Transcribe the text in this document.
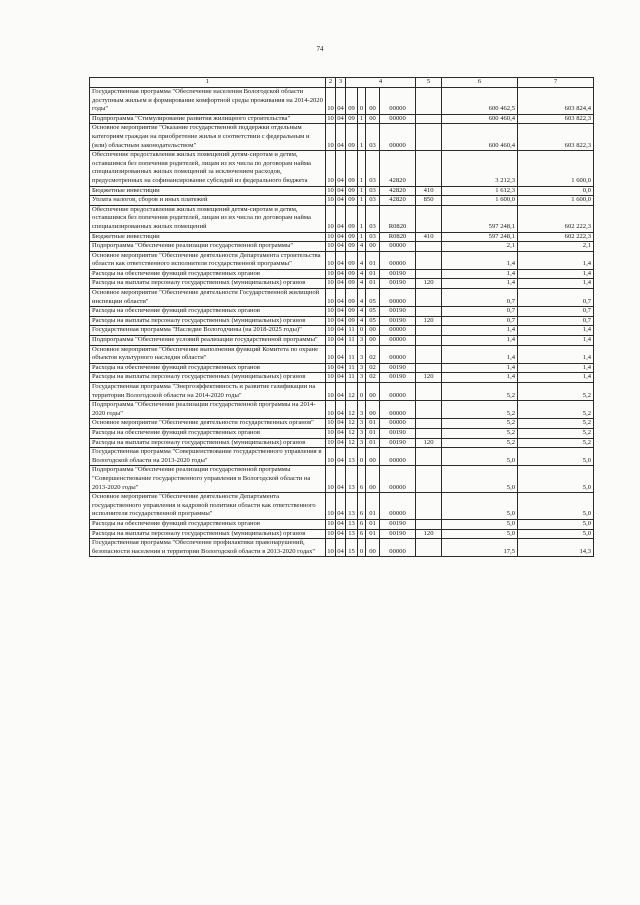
74
1	2	3	4				5	6	7
Государственная программа "Обеспечение населения Вологодской области доступным жильем и формирование комфортной среды проживания на 2014-2020 годы"	10	04	09	0	00	00000		600 462,5	603 824,4
Подпрограмма "Стимулирование развития жилищного строительства"	10	04	09	1	00	00000		600 460,4	603 822,3
Основное мероприятие "Оказание государственной поддержки отдельным категориям граждан на приобретение жилья в соответствии с федеральным и (или) областным законодательством"	10	04	09	1	03	00000		600 460,4	603 822,3
Обеспечение предоставления жилых помещений детям-сиротам и детям, оставшимся без попечения родителей, лицам из их числа по договорам найма специализированных жилых помещений за исключением расходов, предусмотренных на софинансирование субсидий из федерального бюджета	10	04	09	1	03	42820		3 212,3	1 600,0
Бюджетные инвестиции	10	04	09	1	03	42820	410	1 612,3	0,0
Уплата налогов, сборов и иных платежей	10	04	09	1	03	42820	850	1 600,0	1 600,0
Обеспечение предоставления жилых помещений детям-сиротам и детям, оставшимся без попечения родителей, лицам из их числа по договорам найма специализированных жилых помещений	10	04	09	1	03	R0820		597 248,1	602 222,3
Бюджетные инвестиции	10	04	09	1	03	R0820	410	597 248,1	602 222,3
Подпрограмма "Обеспечение реализации государственной программы"	10	04	09	4	00	00000		2,1	2,1
Основное мероприятие "Обеспечение деятельности Департамента строительства области как ответственного исполнителя государственной программы"	10	04	09	4	01	00000		1,4	1,4
Расходы на обеспечение функций государственных органов	10	04	09	4	01	00190		1,4	1,4
Расходы на выплаты персоналу государственных (муниципальных) органов	10	04	09	4	01	00190	120	1,4	1,4
Основное мероприятие "Обеспечение деятельности Государственной жилищной инспекции области"	10	04	09	4	05	00000		0,7	0,7
Расходы на обеспечение функций государственных органов	10	04	09	4	05	00190		0,7	0,7
Расходы на выплаты персоналу государственных (муниципальных) органов	10	04	09	4	05	00190	120	0,7	0,7
Государственная программа "Наследие Вологодчины (на 2018-2025 годы)"	10	04	11	0	00	00000		1,4	1,4
Подпрограмма "Обеспечение условий реализации государственной программы"	10	04	11	3	00	00000		1,4	1,4
Основное мероприятие "Обеспечение выполнения функций Комитета по охране объектов культурного наследия области"	10	04	11	3	02	00000		1,4	1,4
Расходы на обеспечение функций государственных органов	10	04	11	3	02	00190		1,4	1,4
Расходы на выплаты персоналу государственных (муниципальных) органов	10	04	11	3	02	00190	120	1,4	1,4
Государственная программа "Энергоэффективность и развитие газификации на территории Вологодской области на 2014-2020 годы"	10	04	12	0	00	00000		5,2	5,2
Подпрограмма "Обеспечение реализации государственной программы на 2014-2020 годы"	10	04	12	3	00	00000		5,2	5,2
Основное мероприятие "Обеспечение деятельности государственных органов"	10	04	12	3	01	00000		5,2	5,2
Расходы на обеспечение функций государственных органов	10	04	12	3	01	00190		5,2	5,2
Расходы на выплаты персоналу государственных (муниципальных) органов	10	04	12	3	01	00190	120	5,2	5,2
Государственная программа "Совершенствование государственного управления в Вологодской области на 2013-2020 годы"	10	04	13	0	00	00000		5,0	5,0
Подпрограмма "Обеспечение реализации государственной программы "Совершенствование государственного управления в Вологодской области на 2013-2020 годы"	10	04	13	6	00	00000		5,0	5,0
Основное мероприятие "Обеспечение деятельности Департамента государственного управления и кадровой политики области как ответственного исполнителя государственной программы"	10	04	13	6	01	00000		5,0	5,0
Расходы на обеспечение функций государственных органов	10	04	13	6	01	00190		5,0	5,0
Расходы на выплаты персоналу государственных (муниципальных) органов	10	04	13	6	01	00190	120	5,0	5,0
Государственная программа "Обеспечение профилактики правонарушений, безопасности населения и территории Вологодской области в 2013-2020 годах"	10	04	15	0	00	00000		17,5	14,3
